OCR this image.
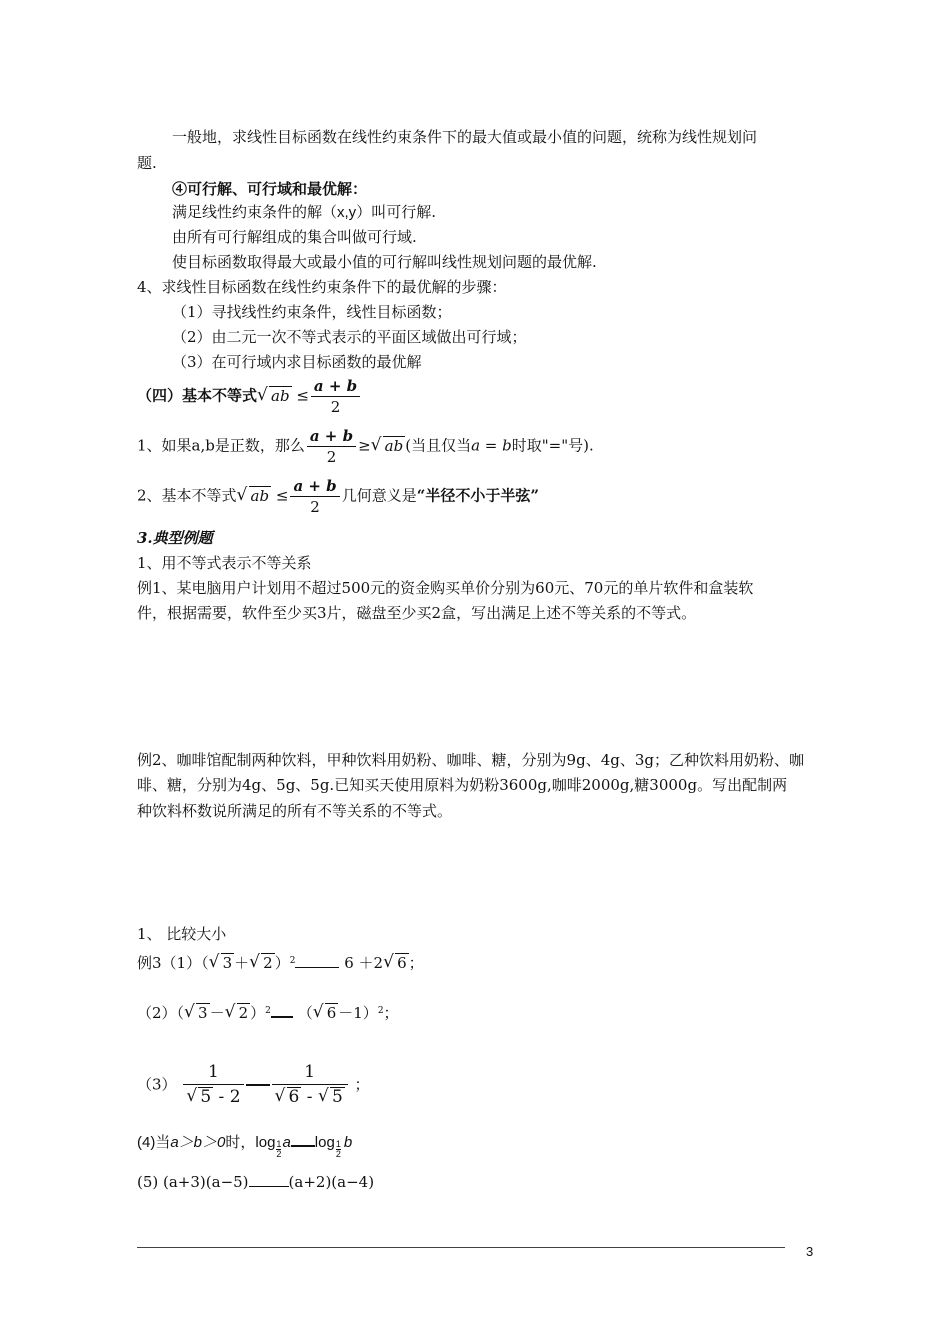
一般地，求线性目标函数在线性约束条件下的最大值或最小值的问题，统称为线性规划问
题.
④可行解、可行域和最优解：
满足线性约束条件的解（x,y）叫可行解.
由所有可行解组成的集合叫做可行域.
使目标函数取得最大或最小值的可行解叫线性规划问题的最优解.
4、求线性目标函数在线性约束条件下的最优解的步骤：
（1）寻找线性约束条件，线性目标函数；
（2）由二元一次不等式表示的平面区域做出可行域；
（3）在可行域内求目标函数的最优解
（四）基本不等式 √ ab ≤ $\frac{a + b}{2}$
1、如果a,b是正数，那么 $\frac{a + b}{2}$ ≥ √ ab (当且仅当a = b时取"="号).
2、基本不等式 √ ab ≤ $\frac{a + b}{2}$ 几何意义是“半径不小于半弦”
3.典型例题
1、用不等式表示不等关系
例1、某电脑用户计划用不超过500元的资金购买单价分别为60元、70元的单片软件和盒装软
件，根据需要，软件至少买3片，磁盘至少买2盒，写出满足上述不等关系的不等式。
例2、咖啡馆配制两种饮料，甲种饮料用奶粉、咖啡、糖，分别为9g、4g、3g；乙种饮料用奶粉、咖
啡、糖，分别为4g、5g、5g.已知买天使用原料为奶粉3600g,咖啡2000g,糖3000g。写出配制两
种饮料杯数说所满足的所有不等关系的不等式。
1、 比较大小
例3（1）（ √ 3 ＋ √ 2 ）$^2$	6 ＋2 √ 6 ；
（2）（ √ 3 － √ 2 ）$^2$ （ √ 6 －1）$^2$；
（3） 1
√ 5 - 2 1
√ 6 - √ 5 ；
(4)当a＞b＞0时，$\log \frac{1}{2}a$ $\log \frac{1}{2}$ b
(5) (a+3)(a−5)	(a+2)(a−4)
3
